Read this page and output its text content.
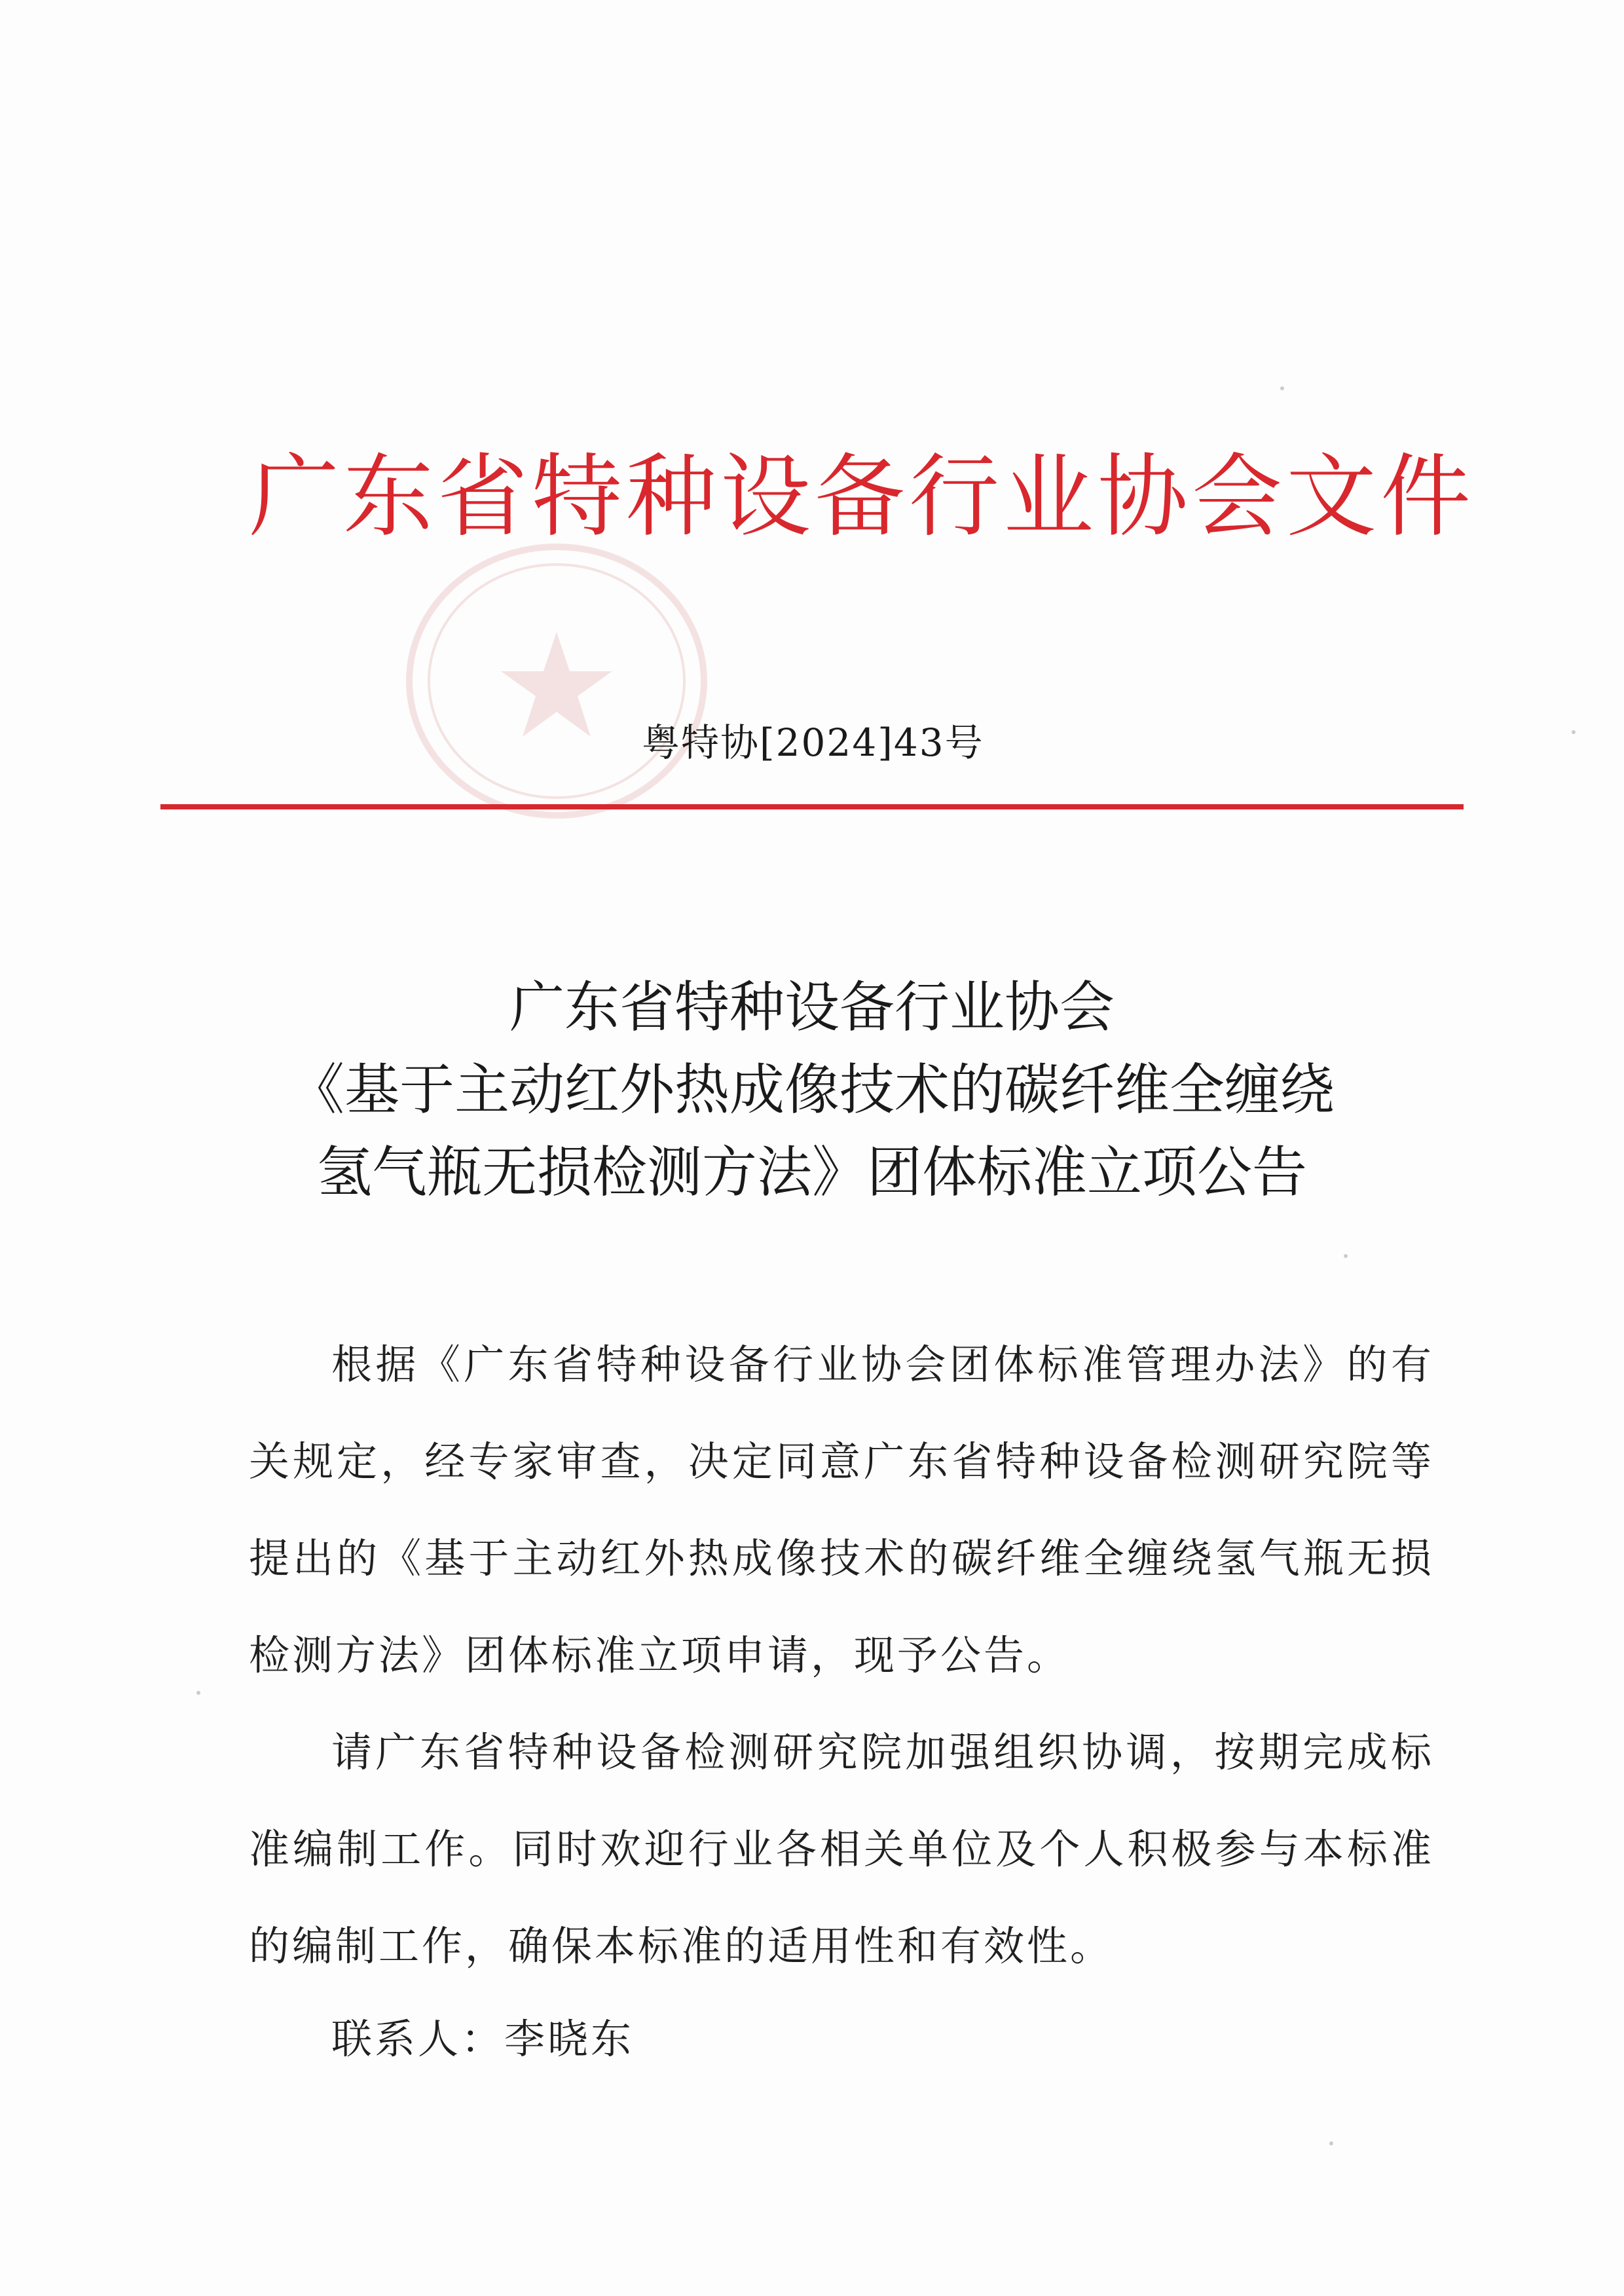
广东省特种设备行业协会文件
粤特协[2024]43号
广东省特种设备行业协会
《基于主动红外热成像技术的碳纤维全缠绕
氢气瓶无损检测方法》团体标准立项公告

根据《广东省特种设备行业协会团体标准管理办法》的有关规定，经专家审查，决定同意广东省特种设备检测研究院等提出的《基于主动红外热成像技术的碳纤维全缠绕氢气瓶无损检测方法》团体标准立项申请，现予公告。

请广东省特种设备检测研究院加强组织协调，按期完成标准编制工作。同时欢迎行业各相关单位及个人积极参与本标准的编制工作，确保本标准的适用性和有效性。

联系人：李晓东
